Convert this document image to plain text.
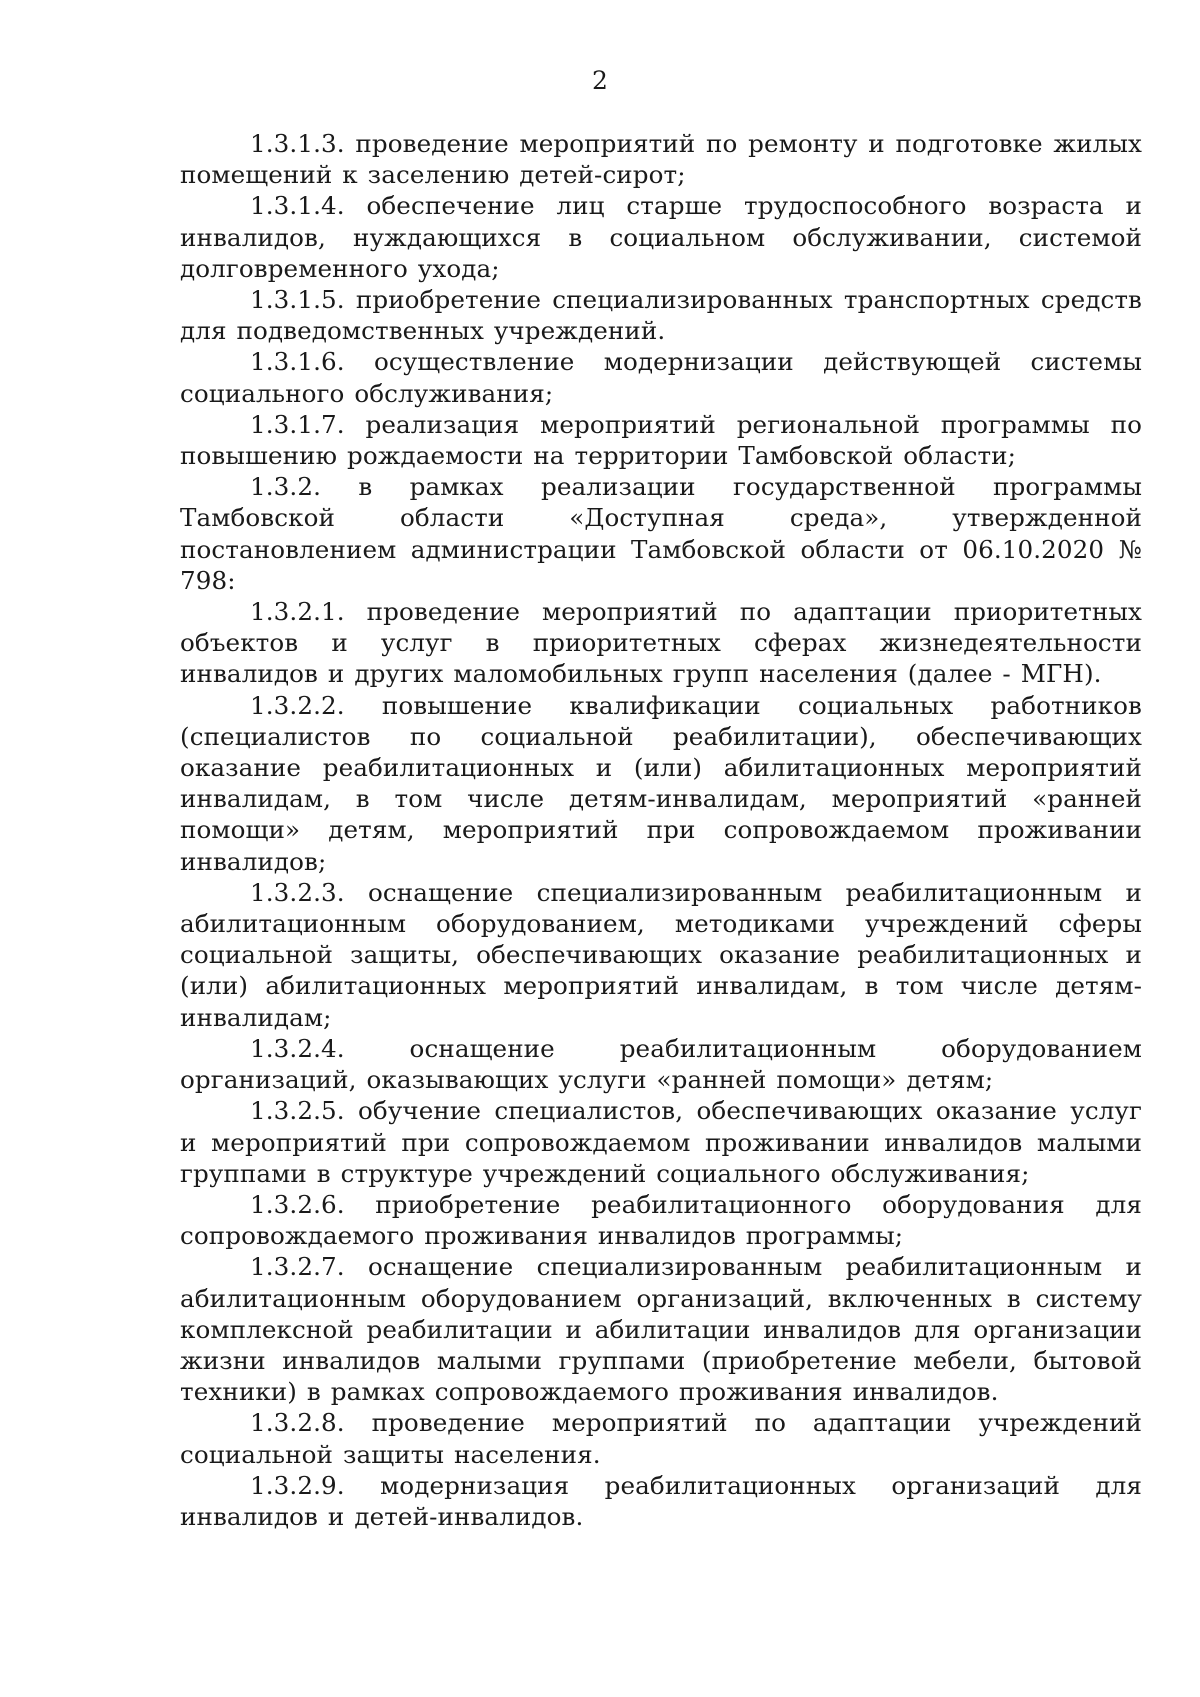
2

1.3.1.3. проведение мероприятий по ремонту и подготовке жилых помещений к заселению детей-сирот;

1.3.1.4. обеспечение лиц старше трудоспособного возраста и инвалидов, нуждающихся в социальном обслуживании, системой долговременного ухода;

1.3.1.5. приобретение специализированных транспортных средств для подведомственных учреждений.

1.3.1.6. осуществление модернизации действующей системы социального обслуживания;

1.3.1.7. реализация мероприятий региональной программы по повышению рождаемости на территории Тамбовской области;

1.3.2. в рамках реализации государственной программы Тамбовской области «Доступная среда», утвержденной постановлением администрации Тамбовской области от 06.10.2020 № 798:

1.3.2.1. проведение мероприятий по адаптации приоритетных объектов и услуг в приоритетных сферах жизнедеятельности инвалидов и других маломобильных групп населения (далее - МГН).

1.3.2.2. повышение квалификации социальных работников (специалистов по социальной реабилитации), обеспечивающих оказание реабилитационных и (или) абилитационных мероприятий инвалидам, в том числе детям-инвалидам, мероприятий «ранней помощи» детям, мероприятий при сопровождаемом проживании инвалидов;

1.3.2.3. оснащение специализированным реабилитационным и абилитационным оборудованием, методиками учреждений сферы социальной защиты, обеспечивающих оказание реабилитационных и (или) абилитационных мероприятий инвалидам, в том числе детям-инвалидам;

1.3.2.4. оснащение реабилитационным оборудованием организаций, оказывающих услуги «ранней помощи» детям;

1.3.2.5. обучение специалистов, обеспечивающих оказание услуг и мероприятий при сопровождаемом проживании инвалидов малыми группами в структуре учреждений социального обслуживания;

1.3.2.6. приобретение реабилитационного оборудования для сопровождаемого проживания инвалидов программы;

1.3.2.7. оснащение специализированным реабилитационным и абилитационным оборудованием организаций, включенных в систему комплексной реабилитации и абилитации инвалидов для организации жизни инвалидов малыми группами (приобретение мебели, бытовой техники) в рамках сопровождаемого проживания инвалидов.

1.3.2.8. проведение мероприятий по адаптации учреждений социальной защиты населения.

1.3.2.9. модернизация реабилитационных организаций для инвалидов и детей-инвалидов.
